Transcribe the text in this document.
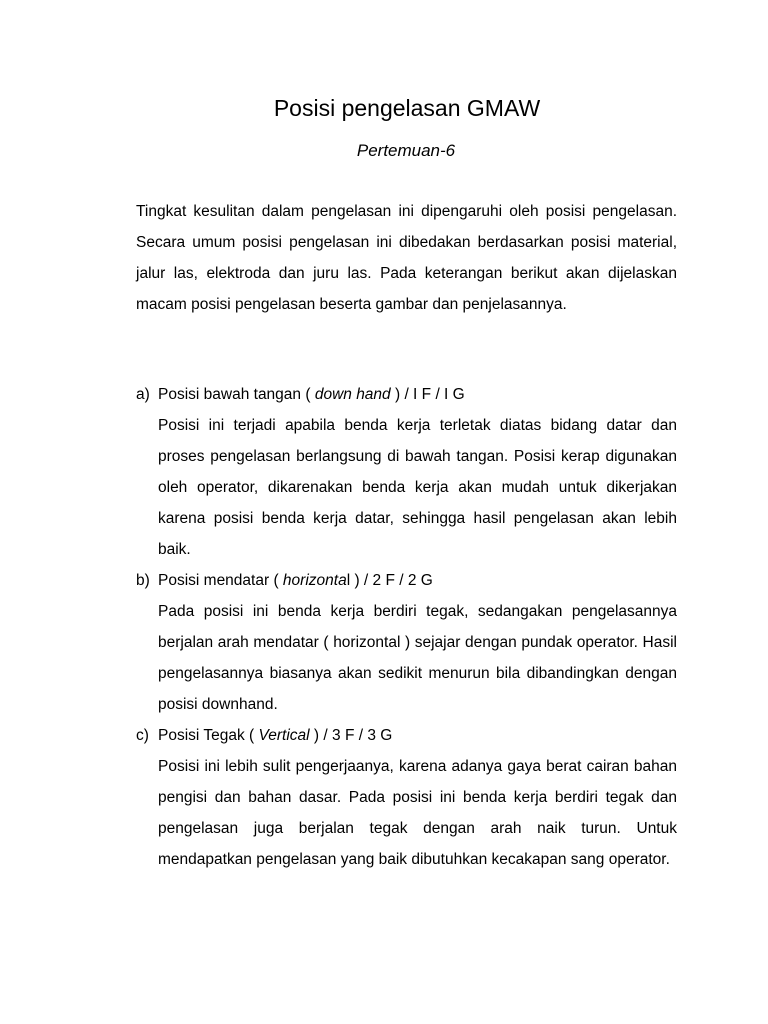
Posisi pengelasan GMAW
Pertemuan-6

Tingkat kesulitan dalam pengelasan ini dipengaruhi oleh posisi pengelasan. Secara umum posisi pengelasan ini dibedakan berdasarkan posisi material, jalur las, elektroda dan juru las. Pada keterangan berikut akan dijelaskan macam posisi pengelasan beserta gambar dan penjelasannya.

a) Posisi bawah tangan ( down hand ) / I F / I G
Posisi ini terjadi apabila benda kerja terletak diatas bidang datar dan proses pengelasan berlangsung di bawah tangan. Posisi kerap digunakan oleh operator, dikarenakan benda kerja akan mudah untuk dikerjakan karena posisi benda kerja datar, sehingga hasil pengelasan akan lebih baik.
b) Posisi mendatar ( horizontal ) / 2 F / 2 G
Pada posisi ini benda kerja berdiri tegak, sedangakan pengelasannya berjalan arah mendatar ( horizontal ) sejajar dengan pundak operator. Hasil pengelasannya biasanya akan sedikit menurun bila dibandingkan dengan posisi downhand.
c) Posisi Tegak ( Vertical ) / 3 F / 3 G
Posisi ini lebih sulit pengerjaanya, karena adanya gaya berat cairan bahan pengisi dan bahan dasar. Pada posisi ini benda kerja berdiri tegak dan pengelasan juga berjalan tegak dengan arah naik turun. Untuk mendapatkan pengelasan yang baik dibutuhkan kecakapan sang operator.
